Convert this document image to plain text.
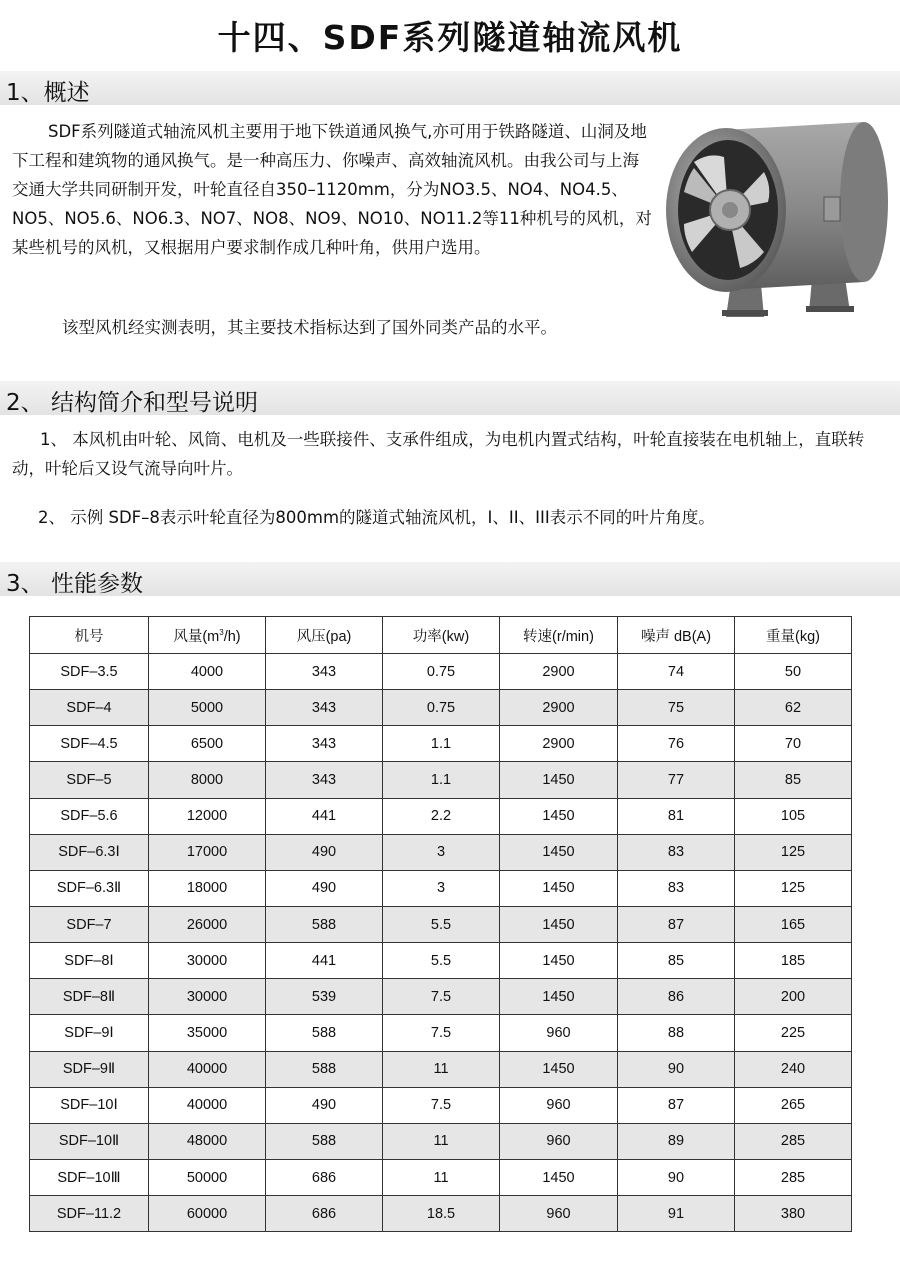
十四、SDF系列隧道轴流风机
1、概述
SDF系列隧道式轴流风机主要用于地下铁道通风换气,亦可用于铁路隧道、山洞及地下工程和建筑物的通风换气。是一种高压力、你噪声、高效轴流风机。由我公司与上海交通大学共同研制开发，叶轮直径自350–1120mm，分为NO3.5、NO4、NO4.5、NO5、NO5.6、NO6.3、NO7、NO8、NO9、NO10、NO11.2等11种机号的风机，对某些机号的风机，又根据用户要求制作成几种叶角，供用户选用。
该型风机经实测表明，其主要技术指标达到了国外同类产品的水平。
2、 结构简介和型号说明
1、 本风机由叶轮、风筒、电机及一些联接件、支承件组成，为电机内置式结构，叶轮直接装在电机轴上，直联转动，叶轮后又设气流导向叶片。
2、 示例 SDF–8表示叶轮直径为800mm的隧道式轴流风机，I、II、III表示不同的叶片角度。
3、 性能参数
机号	风量$(m^3/h)$	风压(pa)	功率(kw)	转速(r/min)	噪声 dB(A)	重量(kg)
SDF–3.5	4000	343	0.75	2900	74	50
SDF–4	5000	343	0.75	2900	75	62
SDF–4.5	6500	343	1.1	2900	76	70
SDF–5	8000	343	1.1	1450	77	85
SDF–5.6	12000	441	2.2	1450	81	105
SDF–6.3Ⅰ	17000	490	3	1450	83	125
SDF–6.3Ⅱ	18000	490	3	1450	83	125
SDF–7	26000	588	5.5	1450	87	165
SDF–8Ⅰ	30000	441	5.5	1450	85	185
SDF–8Ⅱ	30000	539	7.5	1450	86	200
SDF–9Ⅰ	35000	588	7.5	960	88	225
SDF–9Ⅱ	40000	588	11	1450	90	240
SDF–10Ⅰ	40000	490	7.5	960	87	265
SDF–10Ⅱ	48000	588	11	960	89	285
SDF–10Ⅲ	50000	686	11	1450	90	285
SDF–11.2	60000	686	18.5	960	91	380
